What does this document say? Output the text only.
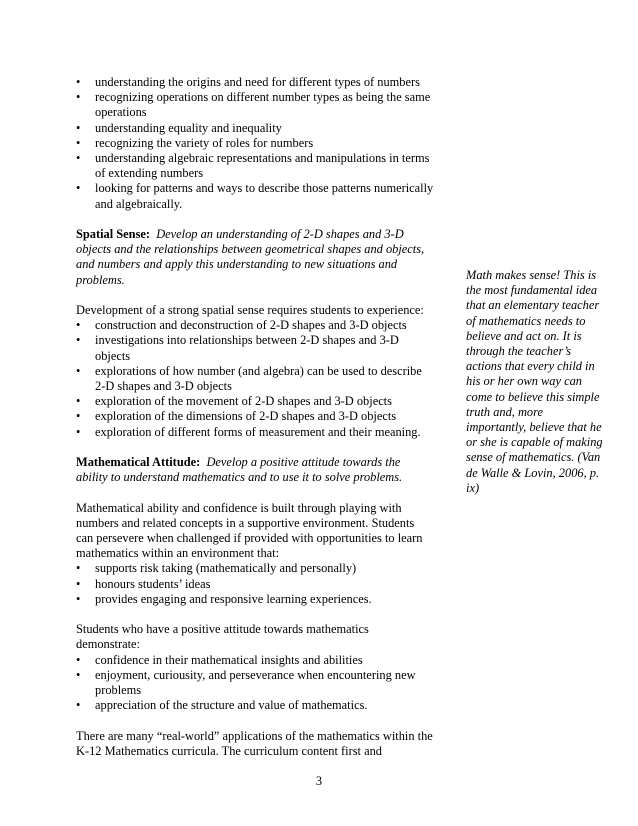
• understanding the origins and need for different types of numbers
• recognizing operations on different number types as being the same operations
• understanding equality and inequality
• recognizing the variety of roles for numbers
• understanding algebraic representations and manipulations in terms of extending numbers
• looking for patterns and ways to describe those patterns numerically and algebraically.

Spatial Sense: Develop an understanding of 2-D shapes and 3-D objects and the relationships between geometrical shapes and objects, and numbers and apply this understanding to new situations and problems.

Development of a strong spatial sense requires students to experience:

• construction and deconstruction of 2-D shapes and 3-D objects
• investigations into relationships between 2-D shapes and 3-D objects
• explorations of how number (and algebra) can be used to describe 2-D shapes and 3-D objects
• exploration of the movement of 2-D shapes and 3-D objects
• exploration of the dimensions of 2-D shapes and 3-D objects
• exploration of different forms of measurement and their meaning.

Mathematical Attitude: Develop a positive attitude towards the ability to understand mathematics and to use it to solve problems.

Mathematical ability and confidence is built through playing with numbers and related concepts in a supportive environment. Students can persevere when challenged if provided with opportunities to learn mathematics within an environment that:

• supports risk taking (mathematically and personally)
• honours students’ ideas
• provides engaging and responsive learning experiences.

Students who have a positive attitude towards mathematics demonstrate:

• confidence in their mathematical insights and abilities
• enjoyment, curiousity, and perseverance when encountering new problems
• appreciation of the structure and value of mathematics.

There are many “real-world” applications of the mathematics within the K-12 Mathematics curricula. The curriculum content first and

Math makes sense! This is the most fundamental idea that an elementary teacher of mathematics needs to believe and act on. It is through the teacher’s actions that every child in his or her own way can come to believe this simple truth and, more importantly, believe that he or she is capable of making sense of mathematics. (Van de Walle & Lovin, 2006, p. ix)
3
